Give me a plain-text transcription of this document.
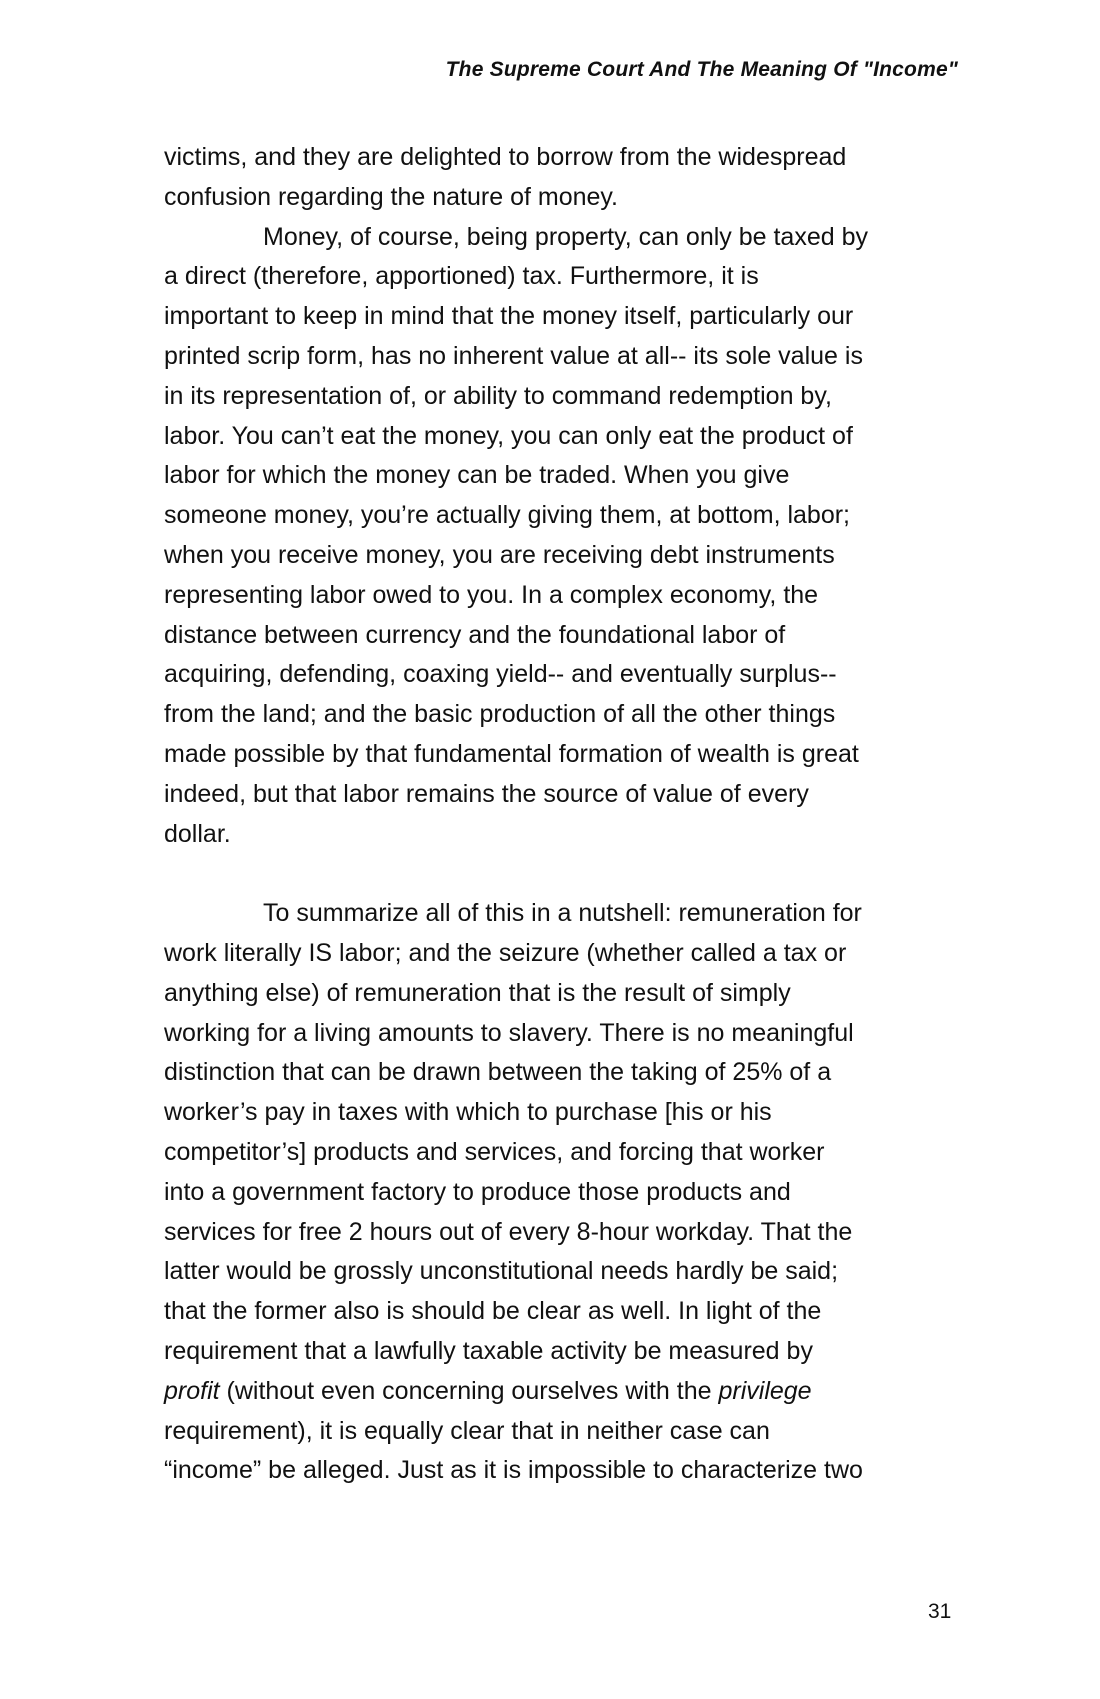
The Supreme Court And The Meaning Of "Income"
victims, and they are delighted to borrow from the widespread
confusion regarding the nature of money.
Money, of course, being property, can only be taxed by
a direct (therefore, apportioned) tax. Furthermore, it is
important to keep in mind that the money itself, particularly our
printed scrip form, has no inherent value at all-- its sole value is
in its representation of, or ability to command redemption by,
labor. You can’t eat the money, you can only eat the product of
labor for which the money can be traded. When you give
someone money, you’re actually giving them, at bottom, labor;
when you receive money, you are receiving debt instruments
representing labor owed to you. In a complex economy, the
distance between currency and the foundational labor of
acquiring, defending, coaxing yield-- and eventually surplus--
from the land; and the basic production of all the other things
made possible by that fundamental formation of wealth is great
indeed, but that labor remains the source of value of every
dollar.
To summarize all of this in a nutshell: remuneration for
work literally IS labor; and the seizure (whether called a tax or
anything else) of remuneration that is the result of simply
working for a living amounts to slavery. There is no meaningful
distinction that can be drawn between the taking of 25% of a
worker’s pay in taxes with which to purchase [his or his
competitor’s] products and services, and forcing that worker
into a government factory to produce those products and
services for free 2 hours out of every 8-hour workday. That the
latter would be grossly unconstitutional needs hardly be said;
that the former also is should be clear as well. In light of the
requirement that a lawfully taxable activity be measured by
profit (without even concerning ourselves with the privilege
requirement), it is equally clear that in neither case can
“income” be alleged. Just as it is impossible to characterize two
31
